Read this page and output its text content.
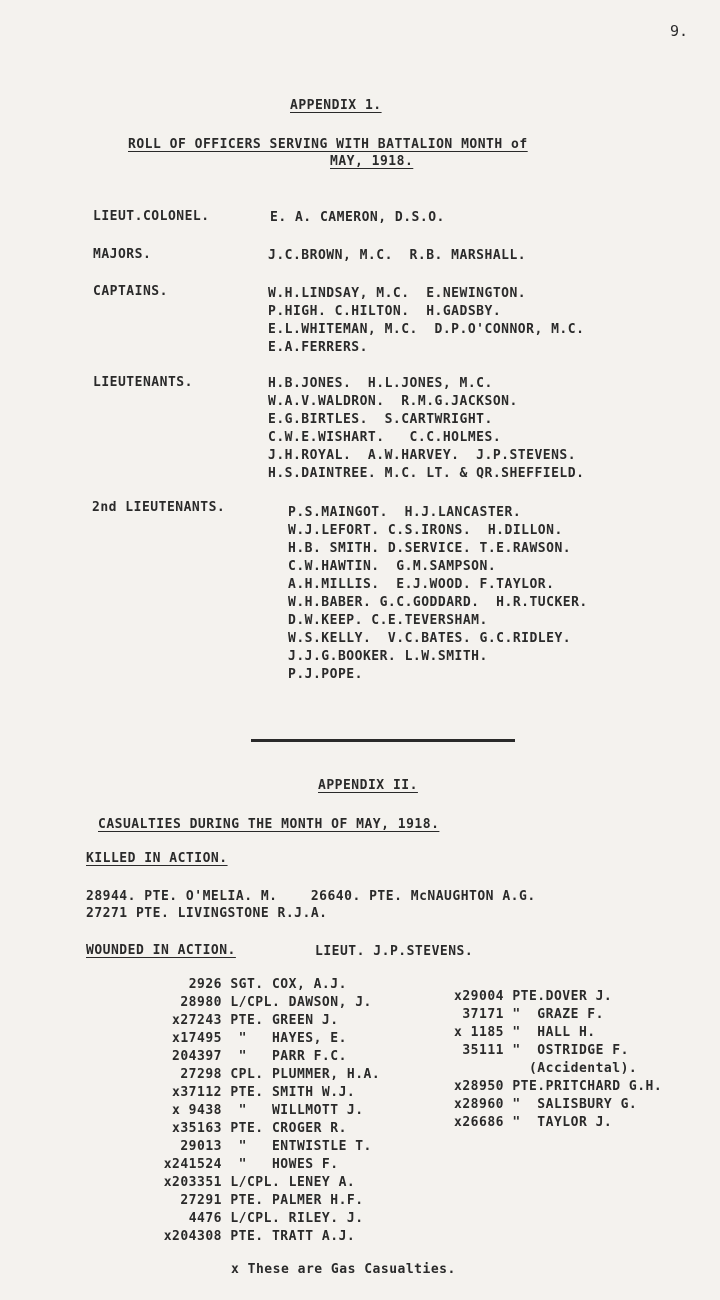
9.
APPENDIX 1.
ROLL OF OFFICERS SERVING WITH BATTALION MONTH of
MAY, 1918.
LIEUT.COLONEL.	E. A. CAMERON, D.S.O.
MAJORS.	J.C.BROWN, M.C.  R.B. MARSHALL.
CAPTAINS.	W.H.LINDSAY, M.C.  E.NEWINGTON.
P.HIGH. C.HILTON.  H.GADSBY.
E.L.WHITEMAN, M.C.  D.P.O'CONNOR, M.C.
E.A.FERRERS.
LIEUTENANTS.	H.B.JONES.  H.L.JONES, M.C.
W.A.V.WALDRON.  R.M.G.JACKSON.
E.G.BIRTLES.  S.CARTWRIGHT.
C.W.E.WISHART.   C.C.HOLMES.
J.H.ROYAL.  A.W.HARVEY.  J.P.STEVENS.
H.S.DAINTREE. M.C. LT. & QR.SHEFFIELD.
2nd LIEUTENANTS.	P.S.MAINGOT.  H.J.LANCASTER.
W.J.LEFORT. C.S.IRONS.  H.DILLON.
H.B. SMITH. D.SERVICE. T.E.RAWSON.
C.W.HAWTIN.  G.M.SAMPSON.
A.H.MILLIS.  E.J.WOOD. F.TAYLOR.
W.H.BABER. G.C.GODDARD.  H.R.TUCKER.
D.W.KEEP. C.E.TEVERSHAM.
W.S.KELLY.  V.C.BATES. G.C.RIDLEY.
J.J.G.BOOKER. L.W.SMITH.
P.J.POPE.
APPENDIX II.
CASUALTIES DURING THE MONTH OF MAY, 1918.
KILLED IN ACTION.
28944. PTE. O'MELIA. M.    26640. PTE. McNAUGHTON A.G.
27271 PTE. LIVINGSTONE R.J.A.
WOUNDED IN ACTION.	LIEUT. J.P.STEVENS.
2926 SGT. COX, A.J.
28980 L/CPL. DAWSON, J.
x27243 PTE. GREEN J.
x17495  "   HAYES, E.
204397  "   PARR F.C.
27298 CPL. PLUMMER, H.A.
x37112 PTE. SMITH W.J.
x 9438  "   WILLMOTT J.
x35163 PTE. CROGER R.
29013  "   ENTWISTLE T.
x241524  "   HOWES F.
x203351 L/CPL. LENEY A.
27291 PTE. PALMER H.F.
4476 L/CPL. RILEY. J.
x204308 PTE. TRATT A.J.
x29004 PTE.DOVER J.
37171 "  GRAZE F.
x 1185 "  HALL H.
35111 "  OSTRIDGE F.
(Accidental).
x28950 PTE.PRITCHARD G.H.
x28960 "  SALISBURY G.
x26686 "  TAYLOR J.
x These are Gas Casualties.
